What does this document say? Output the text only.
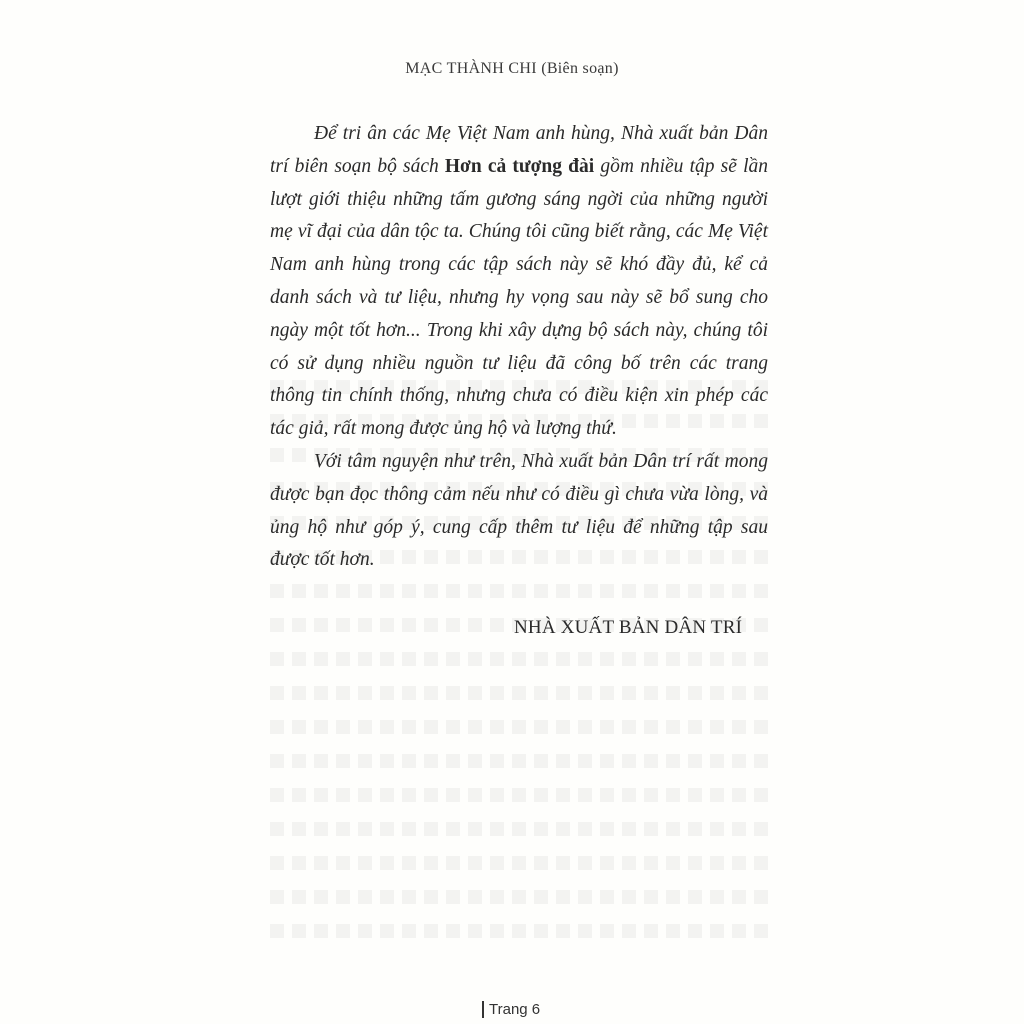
MẠC THÀNH CHI (Biên soạn)

Để tri ân các Mẹ Việt Nam anh hùng, Nhà xuất bản Dân trí biên soạn bộ sách Hơn cả tượng đài gồm nhiều tập sẽ lần lượt giới thiệu những tấm gương sáng ngời của những người mẹ vĩ đại của dân tộc ta. Chúng tôi cũng biết rằng, các Mẹ Việt Nam anh hùng trong các tập sách này sẽ khó đầy đủ, kể cả danh sách và tư liệu, nhưng hy vọng sau này sẽ bổ sung cho ngày một tốt hơn... Trong khi xây dựng bộ sách này, chúng tôi có sử dụng nhiều nguồn tư liệu đã công bố trên các trang thông tin chính thống, nhưng chưa có điều kiện xin phép các tác giả, rất mong được ủng hộ và lượng thứ.

Với tâm nguyện như trên, Nhà xuất bản Dân trí rất mong được bạn đọc thông cảm nếu như có điều gì chưa vừa lòng, và ủng hộ như góp ý, cung cấp thêm tư liệu để những tập sau được tốt hơn.

NHÀ XUẤT BẢN DÂN TRÍ
Trang 6
